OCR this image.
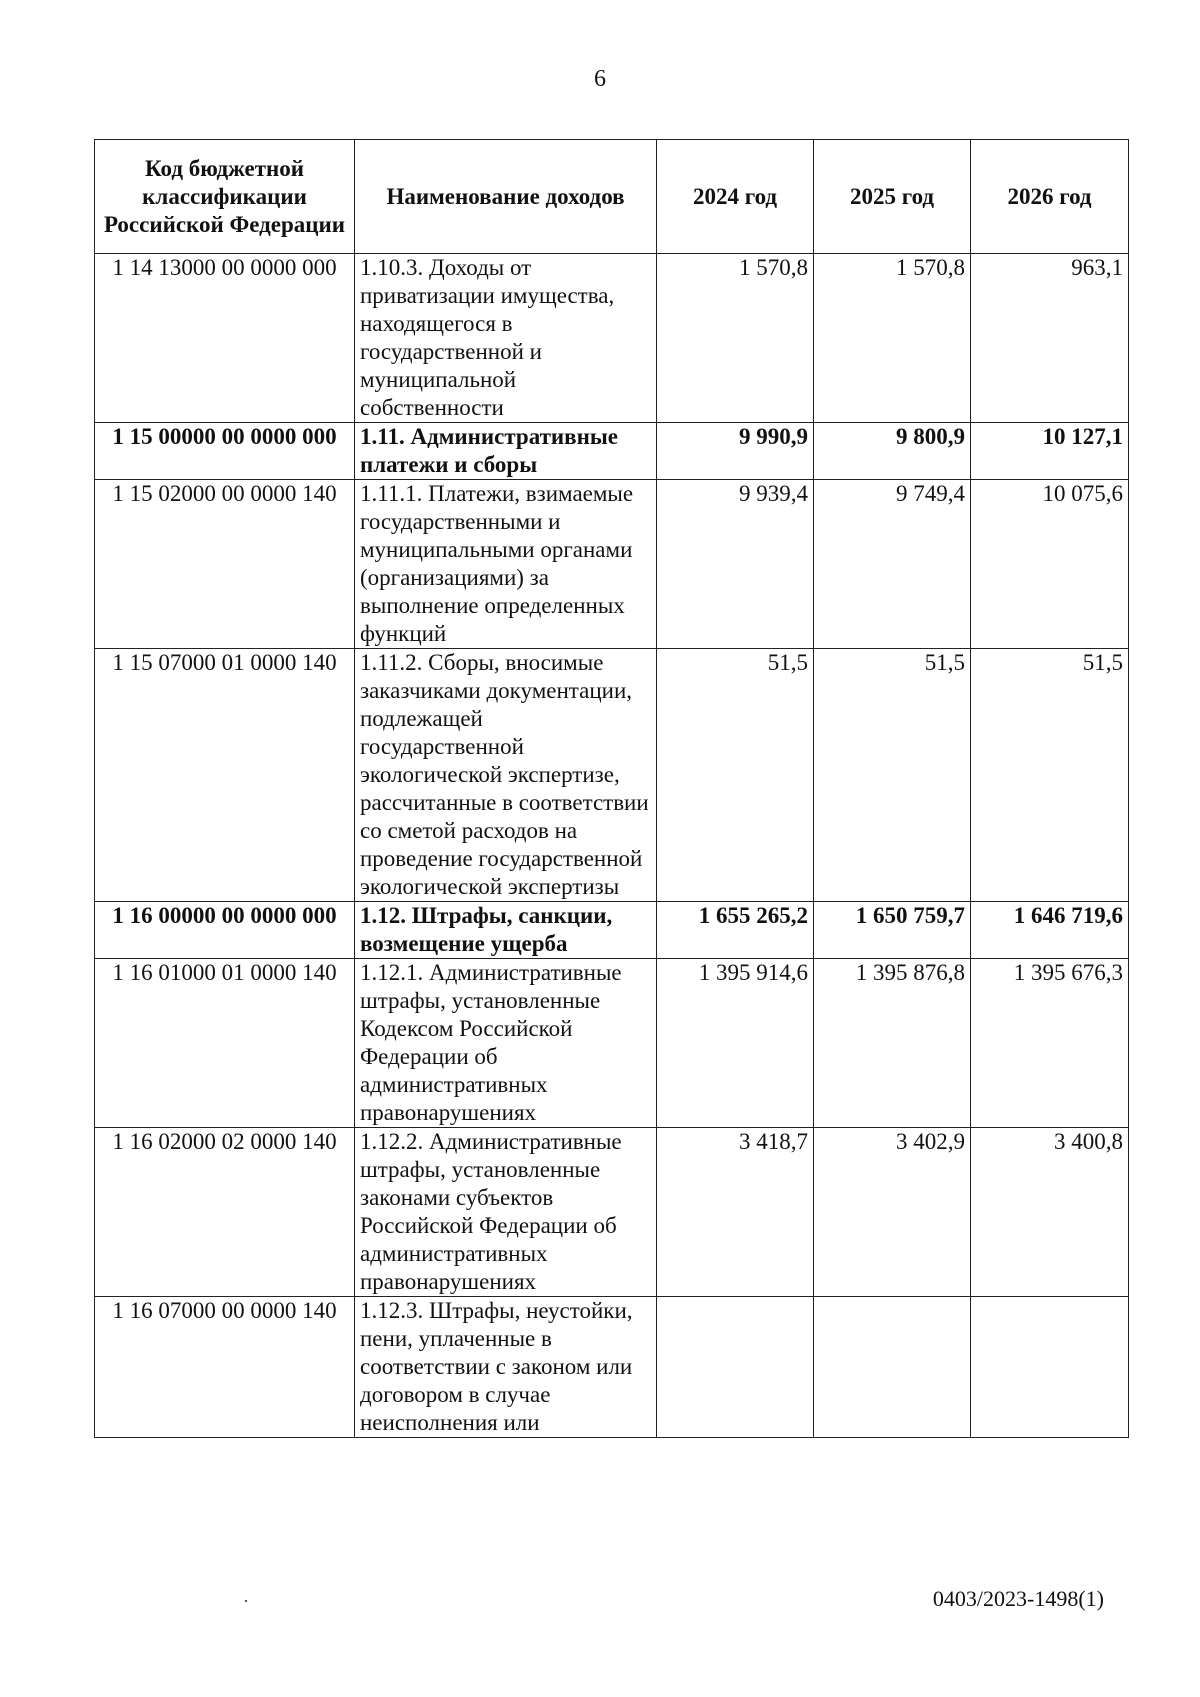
6
Код бюджетной классификации Российской Федерации	Наименование доходов	2024 год	2025 год	2026 год
1 14 13000 00 0000 000	1.10.3. Доходы от приватизации имущества, находящегося в государственной и муниципальной собственности	1 570,8	1 570,8	963,1
1 15 00000 00 0000 000	1.11. Административные платежи и сборы	9 990,9	9 800,9	10 127,1
1 15 02000 00 0000 140	1.11.1. Платежи, взимаемые государственными и муниципальными органами (организациями) за выполнение определенных функций	9 939,4	9 749,4	10 075,6
1 15 07000 01 0000 140	1.11.2. Сборы, вносимые заказчиками документации, подлежащей государственной экологической экспертизе, рассчитанные в соответствии со сметой расходов на проведение государственной экологической экспертизы	51,5	51,5	51,5
1 16 00000 00 0000 000	1.12. Штрафы, санкции, возмещение ущерба	1 655 265,2	1 650 759,7	1 646 719,6
1 16 01000 01 0000 140	1.12.1. Административные штрафы, установленные Кодексом Российской Федерации об административных правонарушениях	1 395 914,6	1 395 876,8	1 395 676,3
1 16 02000 02 0000 140	1.12.2. Административные штрафы, установленные законами субъектов Российской Федерации об административных правонарушениях	3 418,7	3 402,9	3 400,8
1 16 07000 00 0000 140	1.12.3. Штрафы, неустойки, пени, уплаченные в соответствии с законом или договором в случае неисполнения или			
0403/2023-1498(1)
